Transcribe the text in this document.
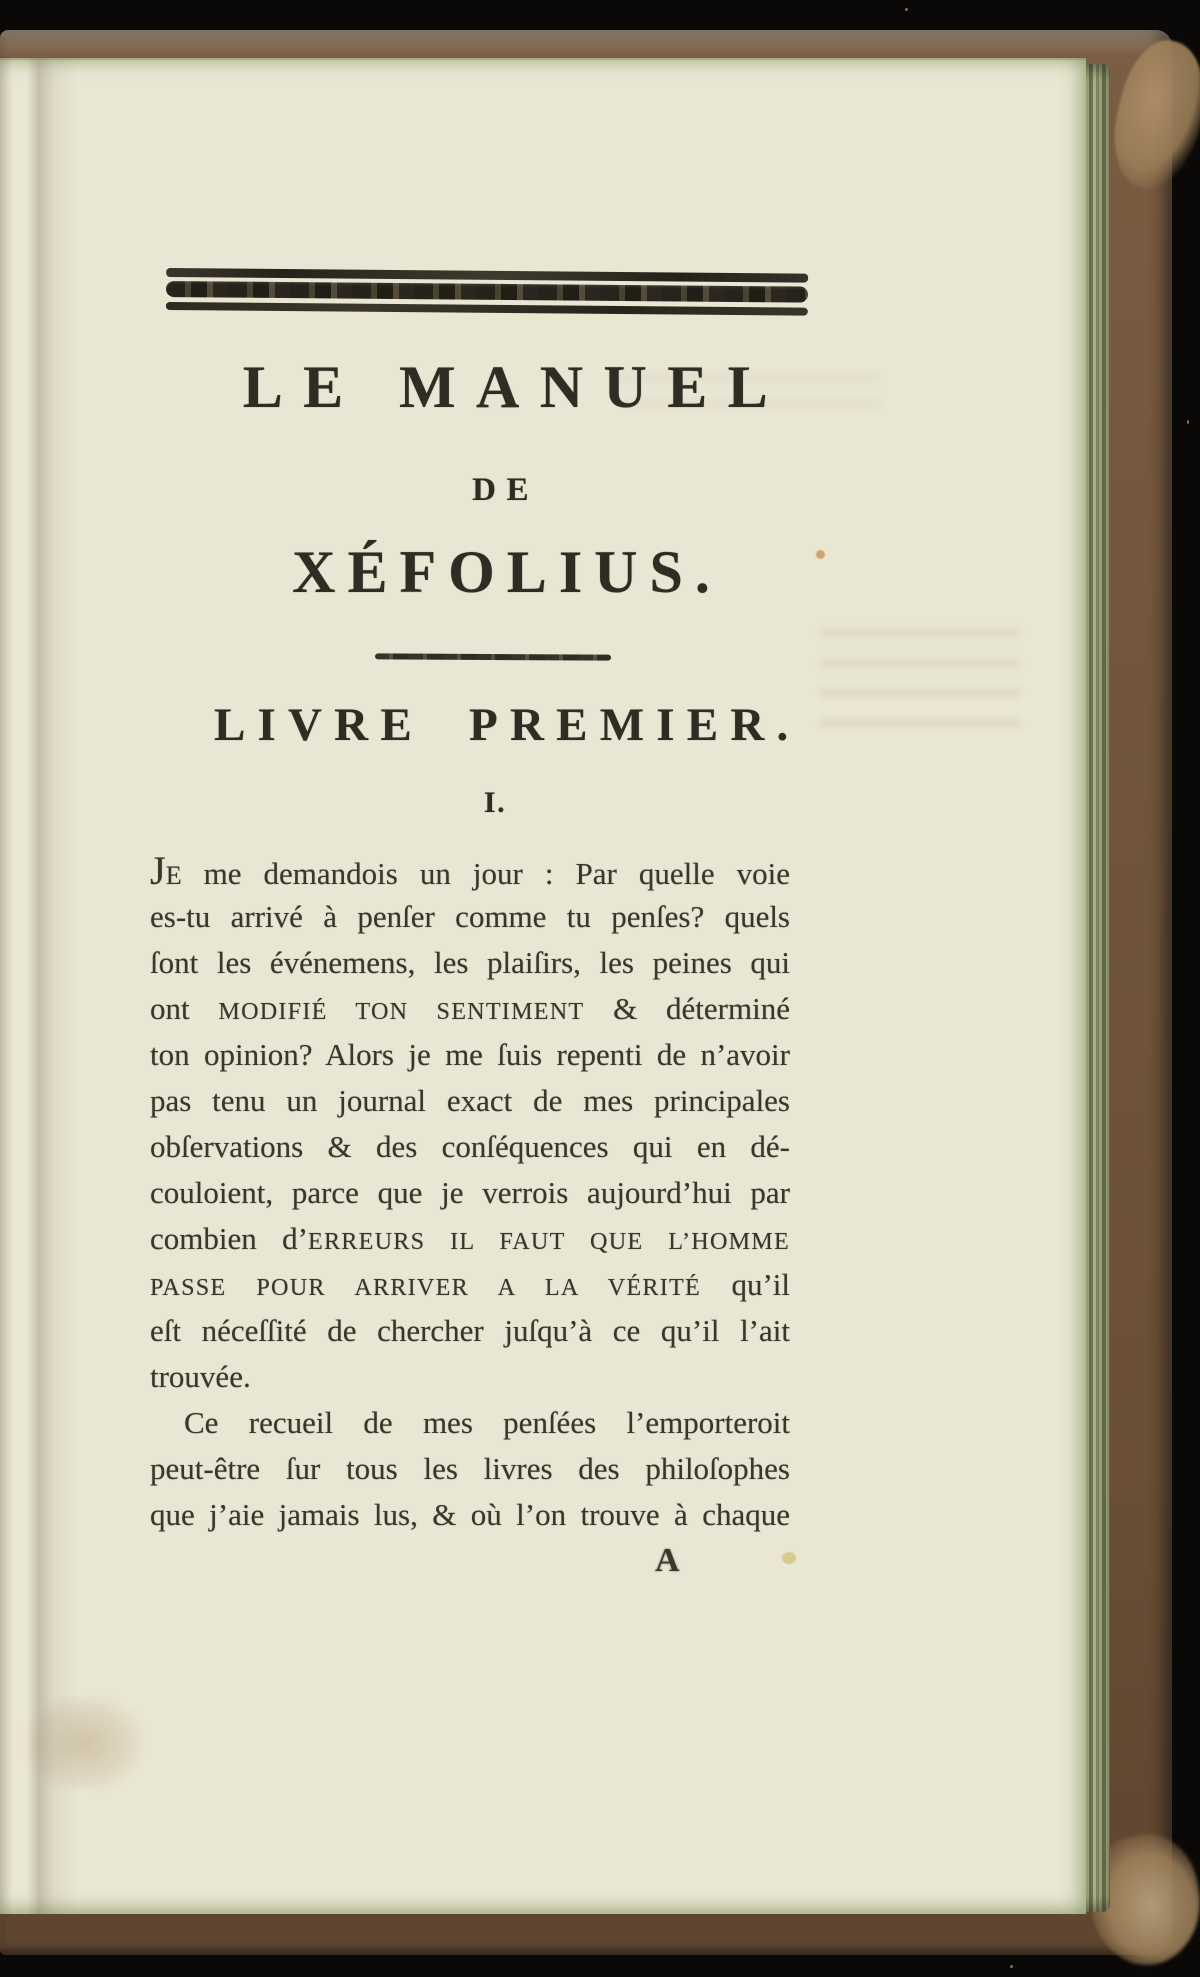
LE MANUEL
DE
XÉFOLIUS.
LIVRE PREMIER.
I.
JE me demandois un jour : Par quelle voie
es-tu arrivé à penſer comme tu penſes? quels
ſont les événemens, les plaiſirs, les peines qui
ont MODIFIÉ TON SENTIMENT & déterminé
ton opinion? Alors je me ſuis repenti de n’avoir
pas tenu un journal exact de mes principales
obſervations & des conſéquences qui en dé-
couloient, parce que je verrois aujourd’hui par
combien d’ERREURS IL FAUT QUE L’HOMME
PASSE POUR ARRIVER A LA VÉRITÉ qu’il
eſt néceſſité de chercher juſqu’à ce qu’il l’ait
trouvée.
Ce recueil de mes penſées l’emporteroit
peut-être ſur tous les livres des philoſophes
que j’aie jamais lus, & où l’on trouve à chaque
A
